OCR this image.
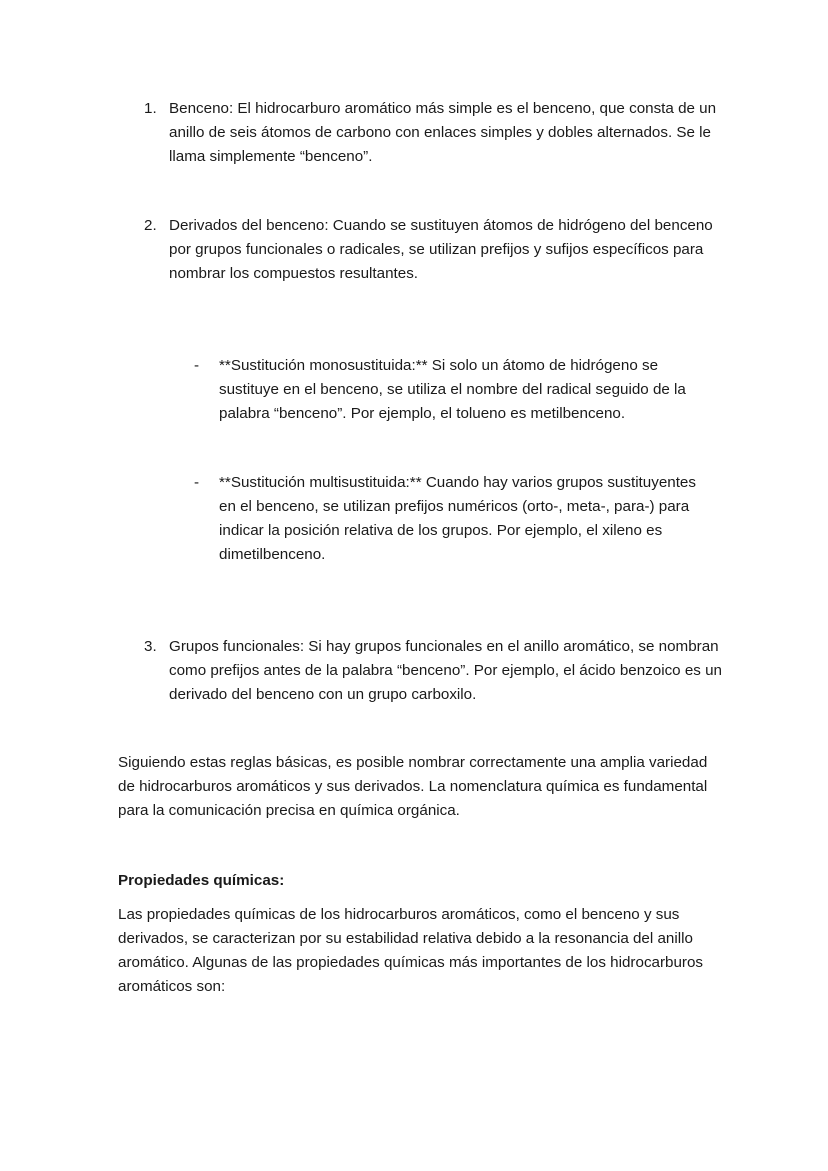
1. Benceno: El hidrocarburo aromático más simple es el benceno, que consta de un anillo de seis átomos de carbono con enlaces simples y dobles alternados. Se le llama simplemente “benceno”.
2. Derivados del benceno: Cuando se sustituyen átomos de hidrógeno del benceno por grupos funcionales o radicales, se utilizan prefijos y sufijos específicos para nombrar los compuestos resultantes.
- **Sustitución monosustituida:** Si solo un átomo de hidrógeno se sustituye en el benceno, se utiliza el nombre del radical seguido de la palabra “benceno”. Por ejemplo, el tolueno es metilbenceno.
- **Sustitución multisustituida:** Cuando hay varios grupos sustituyentes en el benceno, se utilizan prefijos numéricos (orto-, meta-, para-) para indicar la posición relativa de los grupos. Por ejemplo, el xileno es dimetilbenceno.
3. Grupos funcionales: Si hay grupos funcionales en el anillo aromático, se nombran como prefijos antes de la palabra “benceno”. Por ejemplo, el ácido benzoico es un derivado del benceno con un grupo carboxilo.
Siguiendo estas reglas básicas, es posible nombrar correctamente una amplia variedad de hidrocarburos aromáticos y sus derivados. La nomenclatura química es fundamental para la comunicación precisa en química orgánica.
Propiedades químicas:
Las propiedades químicas de los hidrocarburos aromáticos, como el benceno y sus derivados, se caracterizan por su estabilidad relativa debido a la resonancia del anillo aromático. Algunas de las propiedades químicas más importantes de los hidrocarburos aromáticos son:
